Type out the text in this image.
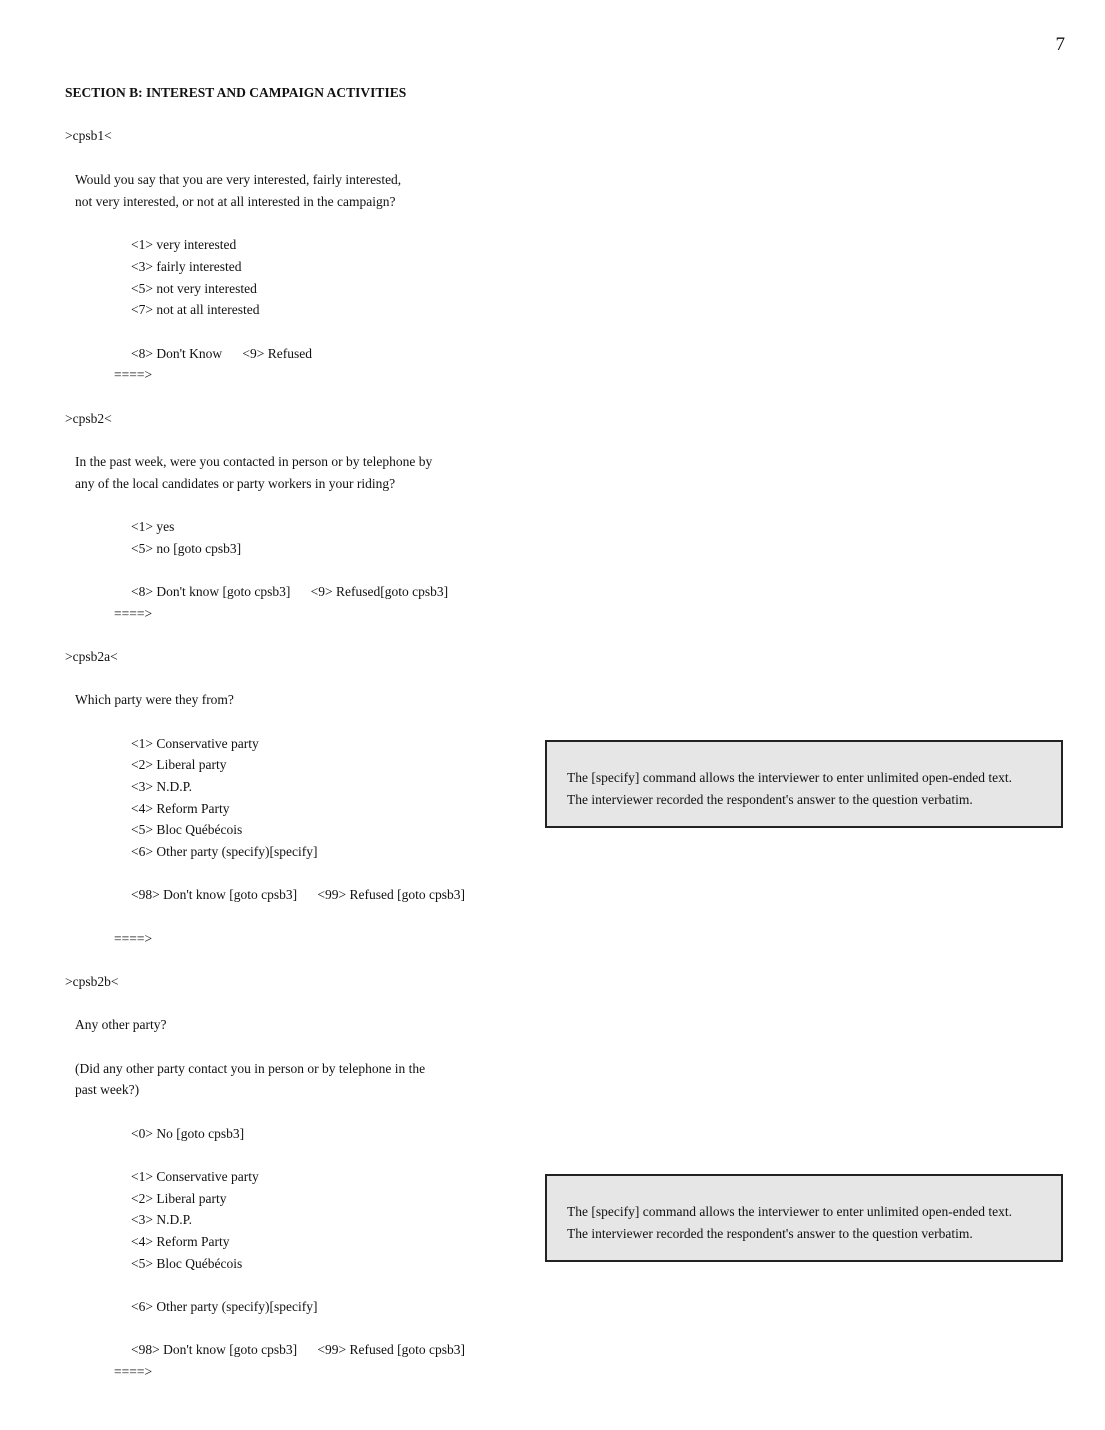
7
SECTION B: INTEREST AND CAMPAIGN ACTIVITIES
>cpsb1<
Would you say that you are very interested, fairly interested,
not very interested, or not at all interested in the campaign?
<1> very interested
<3> fairly interested
<5> not very interested
<7> not at all interested
<8> Don't Know      <9> Refused
====>
>cpsb2<
In the past week, were you contacted in person or by telephone by
any of the local candidates or party workers in your riding?
<1> yes
<5> no [goto cpsb3]
<8> Don't know [goto cpsb3]      <9> Refused[goto cpsb3]
====>
>cpsb2a<
Which party were they from?
<1> Conservative party
<2> Liberal party
<3> N.D.P.
<4> Reform Party
<5> Bloc Québécois
<6> Other party (specify)[specify]
<98> Don't know [goto cpsb3]      <99> Refused [goto cpsb3]
====>
>cpsb2b<
Any other party?
(Did any other party contact you in person or by telephone in the
past week?)
<0> No [goto cpsb3]
<1> Conservative party
<2> Liberal party
<3> N.D.P.
<4> Reform Party
<5> Bloc Québécois
<6> Other party (specify)[specify]
<98> Don't know [goto cpsb3]      <99> Refused [goto cpsb3]
====>
The [specify] command allows the interviewer to enter unlimited open-ended text.
The interviewer recorded the respondent's answer to the question verbatim.
The [specify] command allows the interviewer to enter unlimited open-ended text.
The interviewer recorded the respondent's answer to the question verbatim.
